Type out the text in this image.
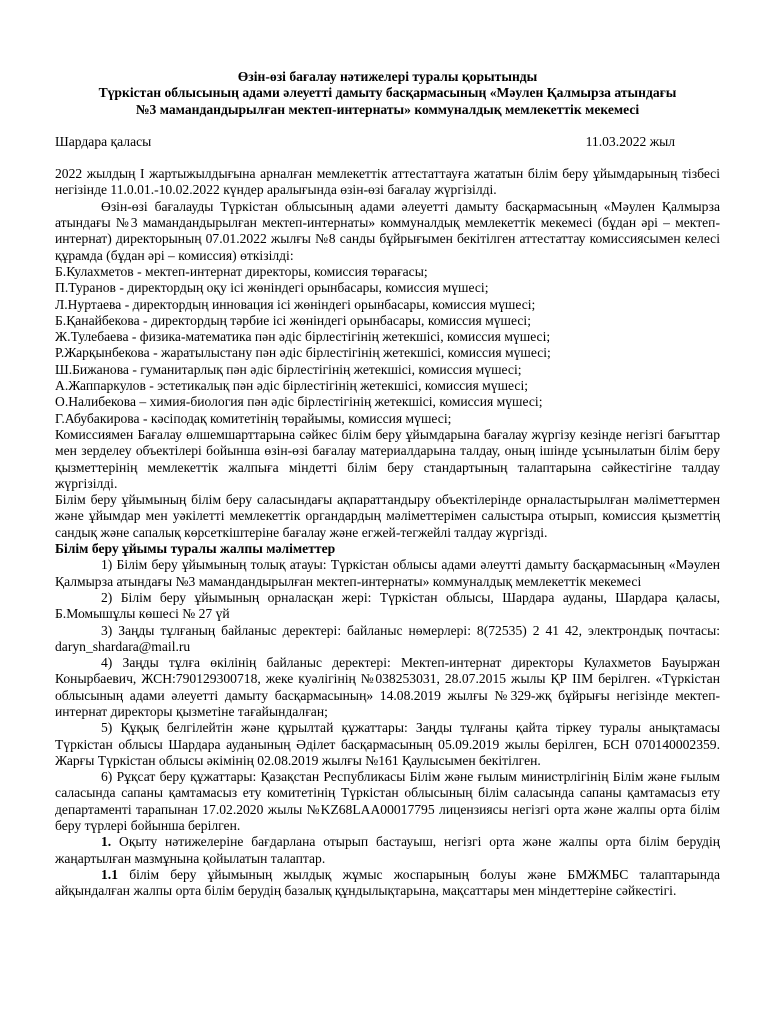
Өзін-өзі бағалау нәтижелері туралы қорытынды

Түркістан облысының адами әлеуетті дамыту басқармасының «Мәулен Қалмырза атындағы

№3 мамандандырылған мектеп-интернаты» коммуналдық мемлекеттік мекемесі

Шардара қаласы	11.03.2022 жыл

2022 жылдың І жартыжылдығына арналған мемлекеттік аттестаттауға жататын білім беру ұйымдарының тізбесі негізінде 11.0.01.-10.02.2022 күндер аралығында өзін-өзі бағалау жүргізілді.

Өзін-өзі бағалауды Түркістан облысының адами әлеуетті дамыту басқармасының «Мәулен Қалмырза атындағы №3 мамандандырылған мектеп-интернаты» коммуналдық мемлекеттік мекемесі (бұдан әрі – мектеп-интернат) директорының 07.01.2022 жылғы №8 санды бұйрығымен бекітілген аттестаттау комиссиясымен келесі құрамда (бұдан әрі – комиссия) өткізілді:

Б.Кулахметов - мектеп-интернат директоры, комиссия төрағасы;

П.Туранов - директордың оқу ісі жөніндегі орынбасары, комиссия мүшесі;

Л.Нуртаева - директордың инновация ісі жөніндегі орынбасары, комиссия мүшесі;

Б.Қанайбекова - директордың тәрбие ісі жөніндегі орынбасары, комиссия мүшесі;

Ж.Тулебаева - физика-математика пән әдіс бірлестігінің жетекшісі, комиссия мүшесі;

Р.Жарқынбекова - жаратылыстану пән әдіс бірлестігінің жетекшісі, комиссия мүшесі;

Ш.Бижанова - гуманитарлық пән әдіс бірлестігінің жетекшісі, комиссия мүшесі;

А.Жаппаркулов - эстетикалық пән әдіс бірлестігінің жетекшісі, комиссия мүшесі;

О.Налибекова – химия-биология пән әдіс бірлестігінің жетекшісі, комиссия мүшесі;

Г.Абубакирова - кәсіподақ комитетінің төрайымы, комиссия мүшесі;

Комиссиямен Бағалау өлшемшарттарына сәйкес білім беру ұйымдарына бағалау жүргізу кезінде негізгі бағыттар мен зерделеу объектілері бойынша өзін-өзі бағалау материалдарына талдау, оның ішінде ұсынылатын білім беру қызметтерінің мемлекеттік жалпыға міндетті білім беру стандартының талаптарына сәйкестігіне талдау жүргізілді.

Білім беру ұйымының білім беру саласындағы ақпараттандыру объектілерінде орналастырылған мәліметтермен және ұйымдар мен уәкілетті мемлекеттік органдардың мәліметтерімен салыстыра отырып, комиссия қызметтің сандық және сапалық көрсеткіштеріне бағалау және егжей-тегжейлі талдау жүргізді.

Білім беру ұйымы туралы жалпы мәліметтер

1) Білім беру ұйымының толық атауы: Түркістан облысы адами әлеутті дамыту басқармасының «Мәулен Қалмырза атындағы №3 мамандандырылған мектеп-интернаты» коммуналдық мемлекеттік мекемесі

2) Білім беру ұйымының орналасқан жері: Түркістан облысы, Шардара ауданы, Шардара қаласы, Б.Момышұлы көшесі № 27 үй

3) Заңды тұлғаның байланыс деректері: байланыс нөмерлері: 8(72535) 2 41 42, электрондық почтасы: daryn_shardara@mail.ru

4) Заңды тұлға өкілінің байланыс деректері: Мектеп-интернат директоры Кулахметов Бауыржан Конырбаевич, ЖСН:790129300718, жеке куәлігінің №038253031, 28.07.2015 жылы ҚР ІІМ берілген. «Түркістан облысының адами әлеуетті дамыту басқармасының» 14.08.2019 жылғы №329-жқ бұйрығы негізінде мектеп-интернат директоры қызметіне тағайындалған;

5) Құқық белгілейтін және құрылтай құжаттары: Заңды тұлғаны қайта тіркеу туралы анықтамасы Түркістан облысы Шардара ауданының Әділет басқармасының 05.09.2019 жылы берілген, БСН 070140002359. Жарғы Түркістан облысы әкімінің 02.08.2019 жылғы №161 Қаулысымен бекітілген.

6) Рұқсат беру құжаттары: Қазақстан Республикасы Білім және ғылым министрлігінің Білім және ғылым саласында сапаны қамтамасыз ету комитетінің Түркістан облысының білім саласында сапаны қамтамасыз ету департаменті тарапынан 17.02.2020 жылы №KZ68LAA00017795 лицензиясы негізгі орта және жалпы орта білім беру түрлері бойынша берілген.

1. Оқыту нәтижелеріне бағдарлана отырып бастауыш, негізгі орта және жалпы орта білім берудің жаңартылған мазмұнына қойылатын талаптар.

1.1 білім беру ұйымының жылдық жұмыс жоспарының болуы және БМЖМБС талаптарында айқындалған жалпы орта білім берудің базалық құндылықтарына, мақсаттары мен міндеттеріне сәйкестігі.
